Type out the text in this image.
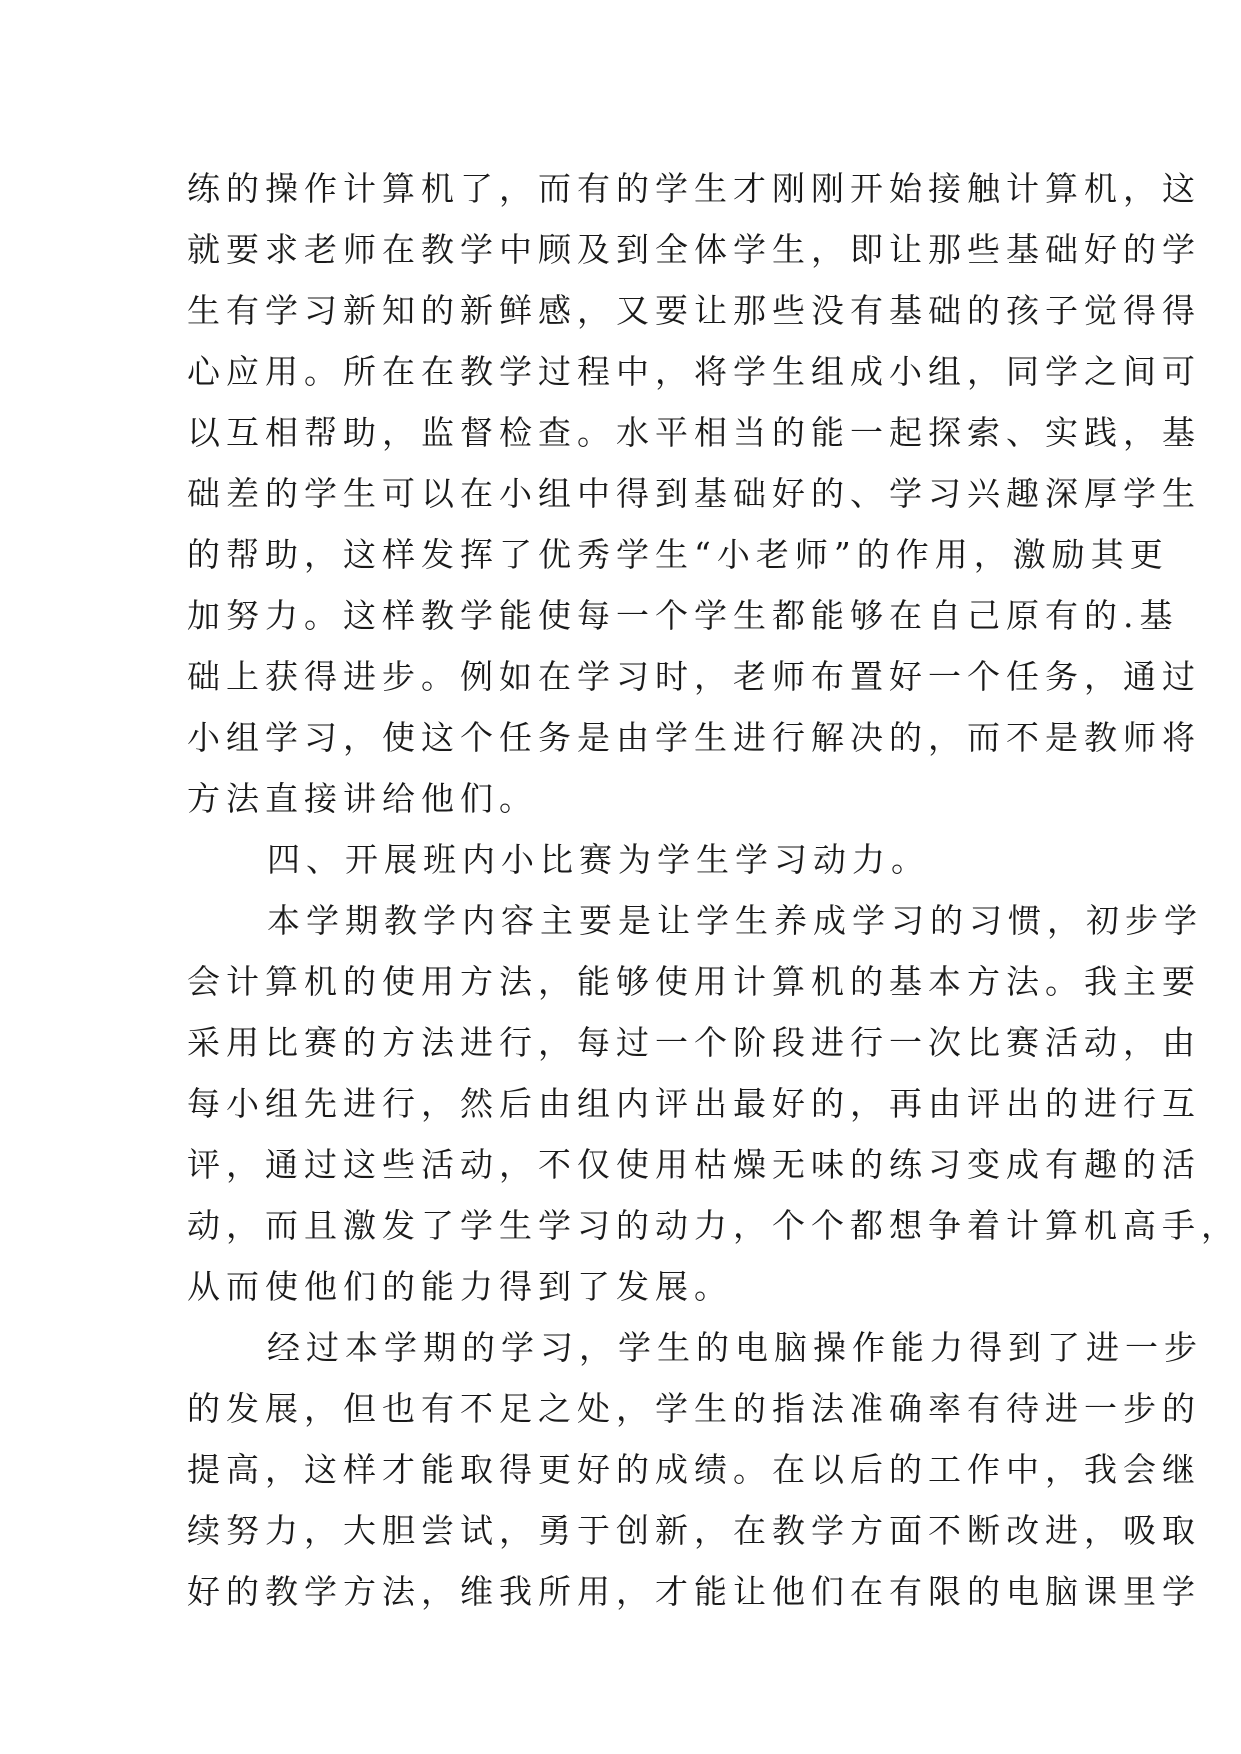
练的操作计算机了，而有的学生才刚刚开始接触计算机，这
就要求老师在教学中顾及到全体学生，即让那些基础好的学
生有学习新知的新鲜感，又要让那些没有基础的孩子觉得得
心应用。所在在教学过程中，将学生组成小组，同学之间可
以互相帮助，监督检查。水平相当的能一起探索、实践，基
础差的学生可以在小组中得到基础好的、学习兴趣深厚学生
的帮助，这样发挥了优秀学生“小老师”的作用，激励其更
加努力。这样教学能使每一个学生都能够在自己原有的.基
础上获得进步。例如在学习时，老师布置好一个任务，通过
小组学习，使这个任务是由学生进行解决的，而不是教师将
方法直接讲给他们。
四、开展班内小比赛为学生学习动力。
本学期教学内容主要是让学生养成学习的习惯，初步学
会计算机的使用方法，能够使用计算机的基本方法。我主要
采用比赛的方法进行，每过一个阶段进行一次比赛活动，由
每小组先进行，然后由组内评出最好的，再由评出的进行互
评，通过这些活动，不仅使用枯燥无味的练习变成有趣的活
动，而且激发了学生学习的动力，个个都想争着计算机高手，
从而使他们的能力得到了发展。
经过本学期的学习，学生的电脑操作能力得到了进一步
的发展，但也有不足之处，学生的指法准确率有待进一步的
提高，这样才能取得更好的成绩。在以后的工作中，我会继
续努力，大胆尝试，勇于创新，在教学方面不断改进，吸取
好的教学方法，维我所用，才能让他们在有限的电脑课里学
